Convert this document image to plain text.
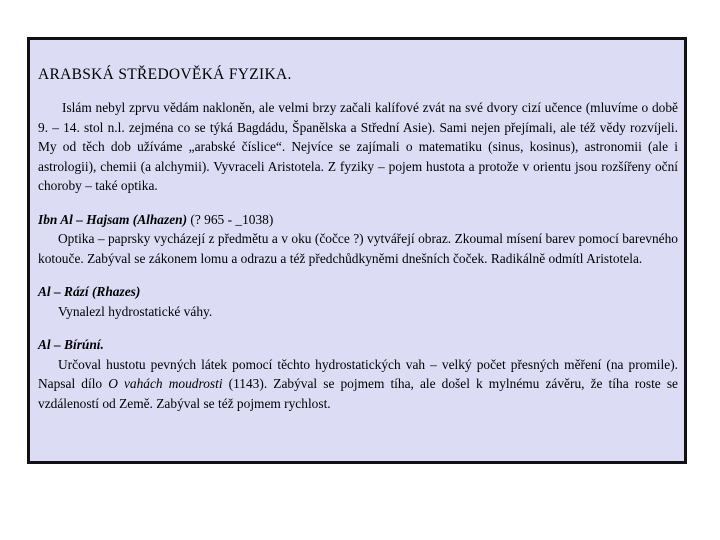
ARABSKÁ STŘEDOVĚKÁ FYZIKA.

Islám nebyl zprvu vědám nakloněn, ale velmi brzy začali kalífové zvát na své dvory cizí učence (mluvíme o době 9. – 14. stol n.l. zejména co se týká Bagdádu, Španělska a Střední Asie). Sami nejen přejímali, ale též vědy rozvíjeli. My od těch dob užíváme „arabské číslice“. Nejvíce se zajímali o matematiku (sinus, kosinus), astronomii (ale i astrologii), chemii (a alchymii). Vyvraceli Aristotela. Z fyziky – pojem hustota a protože v orientu jsou rozšířeny oční choroby – také optika.

Ibn Al – Hajsam (Alhazen) (? 965 - _1038)

Optika – paprsky vycházejí z předmětu a v oku (čočce ?) vytvářejí obraz. Zkoumal mísení barev pomocí barevného kotouče. Zabýval se zákonem lomu a odrazu a též předchůdkyněmi dnešních čoček. Radikálně odmítl Aristotela.

Al – Rází (Rhazes)

Vynalezl hydrostatické váhy.

Al – Bírúní.

Určoval hustotu pevných látek pomocí těchto hydrostatických vah – velký počet přesných měření (na promile). Napsal dílo O vahách moudrosti (1143). Zabýval se pojmem tíha, ale došel k mylnému závěru, že tíha roste se vzdáleností od Země. Zabýval se též pojmem rychlost.
